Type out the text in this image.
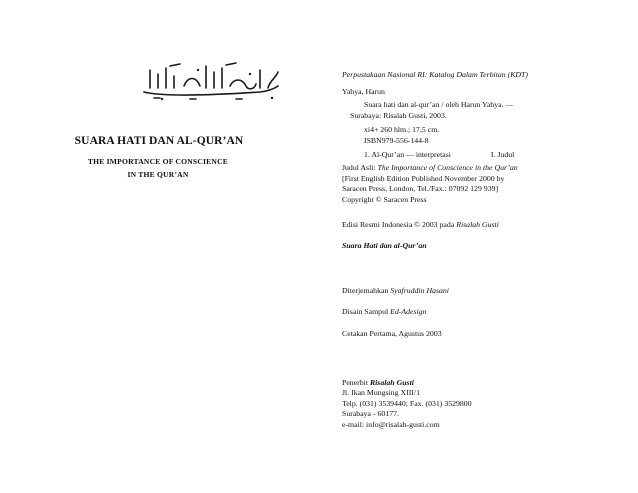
SUARA HATI DAN AL-QUR’AN
THE IMPORTANCE OF CONSCIENCE
IN THE QUR’AN
Perpustakaan Nasional RI: Katalog Dalam Terbitan (KDT)
Yahya, Harun
Suara hati dan al-qur’an / oleh Harun Yahya. —
Surabaya: Risalah Gusti, 2003.
xi4+ 260 hlm.; 17,5 cm.
ISBN979-556-144-8
1. Al-Qur’an — interpretasi	I. Judul
Judul Asli: The Importance of Conscience in the Qur’an
[First English Edition Published November 2000 by
Saracen Press, London, Tel./Fax.: 07092 129 939]
Copyright © Saracen Press
Edisi Resmi Indonesia © 2003 pada Risalah Gusti
Suara Hati dan al-Qur’an
Diterjemahkan Syafruddin Hasani
Disain Sampul Ed-Adesign
Cetakan Pertama, Agustus 2003
Penerbit Risalah Gusti
Jl. Ikan Mungsing XIII/1
Telp. (031) 3539440; Fax. (031) 3529800
Surabaya - 60177.
e-mail: info@risalah-gusti.com
